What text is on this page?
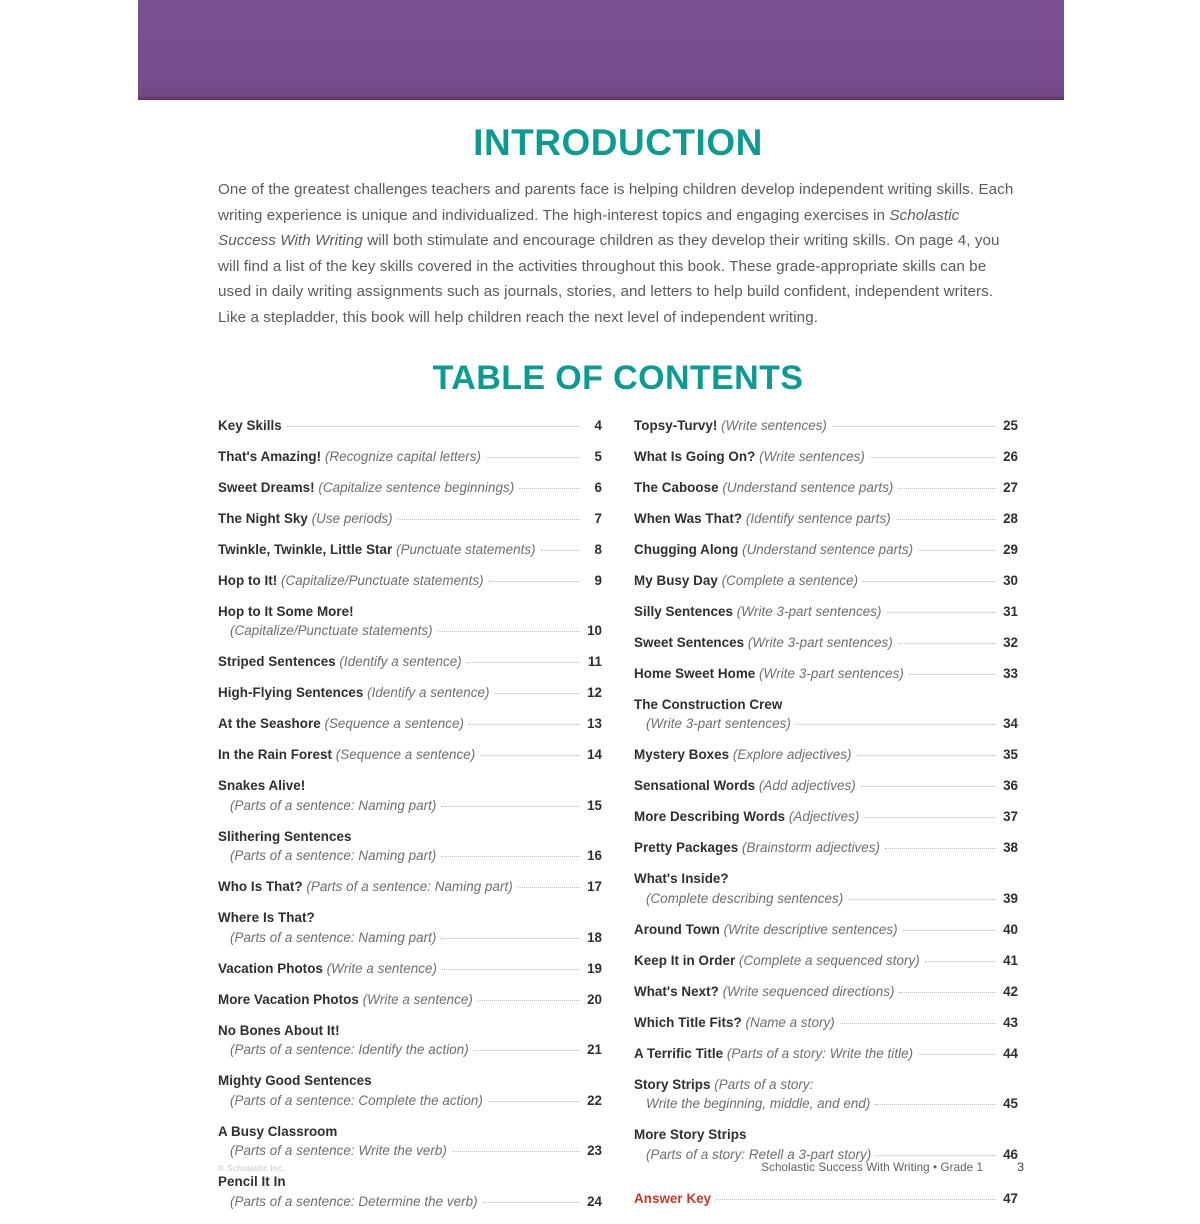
INTRODUCTION

One of the greatest challenges teachers and parents face is helping children develop independent writing skills. Each writing experience is unique and individualized. The high-interest topics and engaging exercises in Scholastic Success With Writing will both stimulate and encourage children as they develop their writing skills. On page 4, you will find a list of the key skills covered in the activities throughout this book. These grade-appropriate skills can be used in daily writing assignments such as journals, stories, and letters to help build confident, independent writers. Like a stepladder, this book will help children reach the next level of independent writing.

TABLE OF CONTENTS
Key Skills	4
That's Amazing! (Recognize capital letters)	5
Sweet Dreams! (Capitalize sentence beginnings)	6
The Night Sky (Use periods)	7
Twinkle, Twinkle, Little Star (Punctuate statements)	8
Hop to It! (Capitalize/Punctuate statements)	9
Hop to It Some More!
(Capitalize/Punctuate statements)	10
Striped Sentences (Identify a sentence)	11
High-Flying Sentences (Identify a sentence)	12
At the Seashore (Sequence a sentence)	13
In the Rain Forest (Sequence a sentence)	14
Snakes Alive!
(Parts of a sentence: Naming part)	15
Slithering Sentences
(Parts of a sentence: Naming part)	16
Who Is That? (Parts of a sentence: Naming part)	17
Where Is That?
(Parts of a sentence: Naming part)	18
Vacation Photos (Write a sentence)	19
More Vacation Photos (Write a sentence)	20
No Bones About It!
(Parts of a sentence: Identify the action)	21
Mighty Good Sentences
(Parts of a sentence: Complete the action)	22
A Busy Classroom
(Parts of a sentence: Write the verb)	23
Pencil It In
(Parts of a sentence: Determine the verb)	24
Topsy-Turvy! (Write sentences)	25
What Is Going On? (Write sentences)	26
The Caboose (Understand sentence parts)	27
When Was That? (Identify sentence parts)	28
Chugging Along (Understand sentence parts)	29
My Busy Day (Complete a sentence)	30
Silly Sentences (Write 3-part sentences)	31
Sweet Sentences (Write 3-part sentences)	32
Home Sweet Home (Write 3-part sentences)	33
The Construction Crew
(Write 3-part sentences)	34
Mystery Boxes (Explore adjectives)	35
Sensational Words (Add adjectives)	36
More Describing Words (Adjectives)	37
Pretty Packages (Brainstorm adjectives)	38
What's Inside?
(Complete describing sentences)	39
Around Town (Write descriptive sentences)	40
Keep It in Order (Complete a sequenced story)	41
What's Next? (Write sequenced directions)	42
Which Title Fits? (Name a story)	43
A Terrific Title (Parts of a story: Write the title)	44
Story Strips (Parts of a story:
Write the beginning, middle, and end)	45
More Story Strips
(Parts of a story: Retell a 3-part story)	46
Answer Key	47
© Scholastic Inc.	Scholastic Success With Writing • Grade 1	3
